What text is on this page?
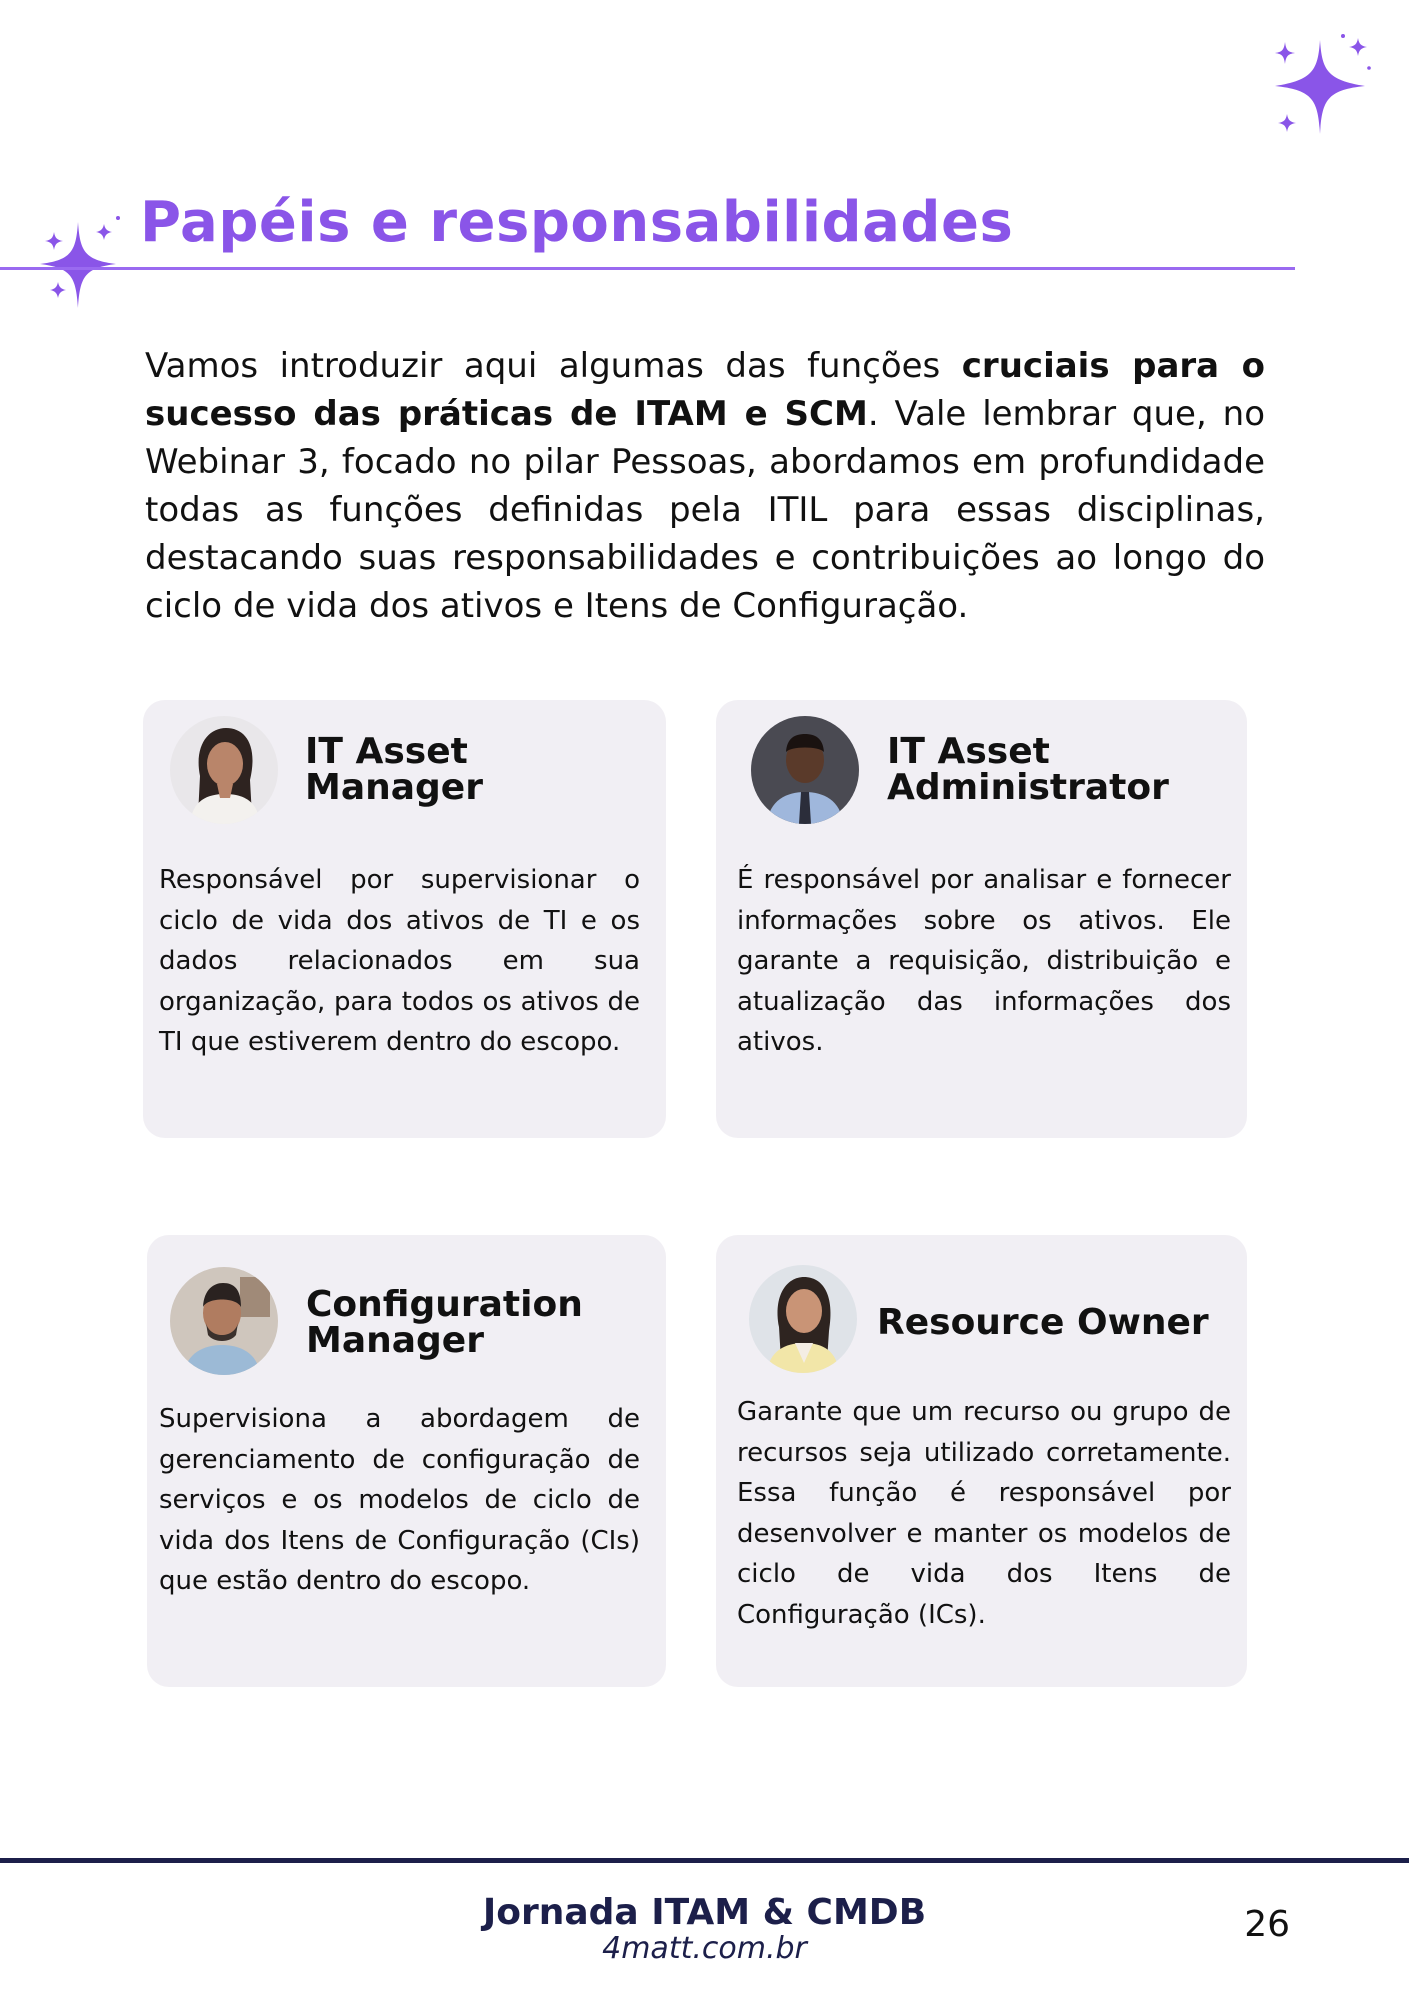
Papéis e responsabilidades

Vamos introduzir aqui algumas das funções cruciais para o sucesso das práticas de ITAM e SCM. Vale lembrar que, no Webinar 3, focado no pilar Pessoas, abordamos em profundidade todas as funções definidas pela ITIL para essas disciplinas, destacando suas responsabilidades e contribuições ao longo do ciclo de vida dos ativos e Itens de Configuração.

IT Asset
Manager

Responsável por supervisionar o ciclo de vida dos ativos de TI e os dados relacionados em sua organização, para todos os ativos de TI que estiverem dentro do escopo.

IT Asset
Administrator

É responsável por analisar e fornecer informações sobre os ativos. Ele garante a requisição, distribuição e atualização das informações dos ativos.

Configuration
Manager

Supervisiona a abordagem de gerenciamento de configuração de serviços e os modelos de ciclo de vida dos Itens de Configuração (CIs) que estão dentro do escopo.

Resource Owner

Garante que um recurso ou grupo de recursos seja utilizado corretamente. Essa função é responsável por desenvolver e manter os modelos de ciclo de vida dos Itens de Configuração (ICs).

Jornada ITAM & CMDB
4matt.com.br
26
